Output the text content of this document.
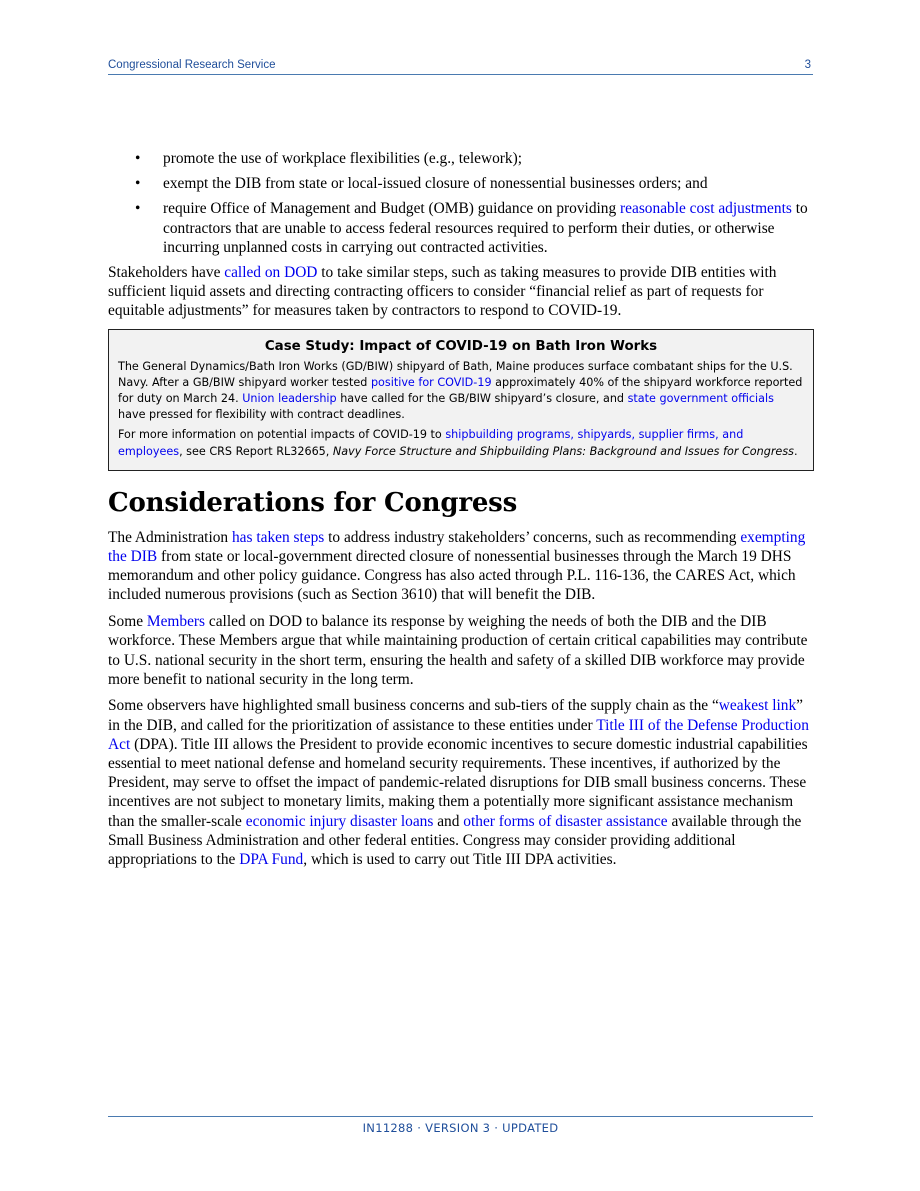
Congressional Research Service	3
• promote the use of workplace flexibilities (e.g., telework);
• exempt the DIB from state or local-issued closure of nonessential businesses orders; and
• require Office of Management and Budget (OMB) guidance on providing reasonable cost adjustments to contractors that are unable to access federal resources required to perform their duties, or otherwise incurring unplanned costs in carrying out contracted activities.

Stakeholders have called on DOD to take similar steps, such as taking measures to provide DIB entities with sufficient liquid assets and directing contracting officers to consider “financial relief as part of requests for equitable adjustments” for measures taken by contractors to respond to COVID-19.

Case Study: Impact of COVID-19 on Bath Iron Works

The General Dynamics/Bath Iron Works (GD/BIW) shipyard of Bath, Maine produces surface combatant ships for the U.S. Navy. After a GB/BIW shipyard worker tested positive for COVID-19 approximately 40% of the shipyard workforce reported for duty on March 24. Union leadership have called for the GB/BIW shipyard’s closure, and state government officials have pressed for flexibility with contract deadlines.

For more information on potential impacts of COVID-19 to shipbuilding programs, shipyards, supplier firms, and employees, see CRS Report RL32665, Navy Force Structure and Shipbuilding Plans: Background and Issues for Congress.

Considerations for Congress

The Administration has taken steps to address industry stakeholders’ concerns, such as recommending exempting the DIB from state or local-government directed closure of nonessential businesses through the March 19 DHS memorandum and other policy guidance. Congress has also acted through P.L. 116-136, the CARES Act, which included numerous provisions (such as Section 3610) that will benefit the DIB.

Some Members called on DOD to balance its response by weighing the needs of both the DIB and the DIB workforce. These Members argue that while maintaining production of certain critical capabilities may contribute to U.S. national security in the short term, ensuring the health and safety of a skilled DIB workforce may provide more benefit to national security in the long term.

Some observers have highlighted small business concerns and sub-tiers of the supply chain as the “weakest link” in the DIB, and called for the prioritization of assistance to these entities under Title III of the Defense Production Act (DPA). Title III allows the President to provide economic incentives to secure domestic industrial capabilities essential to meet national defense and homeland security requirements. These incentives, if authorized by the President, may serve to offset the impact of pandemic-related disruptions for DIB small business concerns. These incentives are not subject to monetary limits, making them a potentially more significant assistance mechanism than the smaller-scale economic injury disaster loans and other forms of disaster assistance available through the Small Business Administration and other federal entities. Congress may consider providing additional appropriations to the DPA Fund, which is used to carry out Title III DPA activities.

IN11288 · VERSION 3 · UPDATED
